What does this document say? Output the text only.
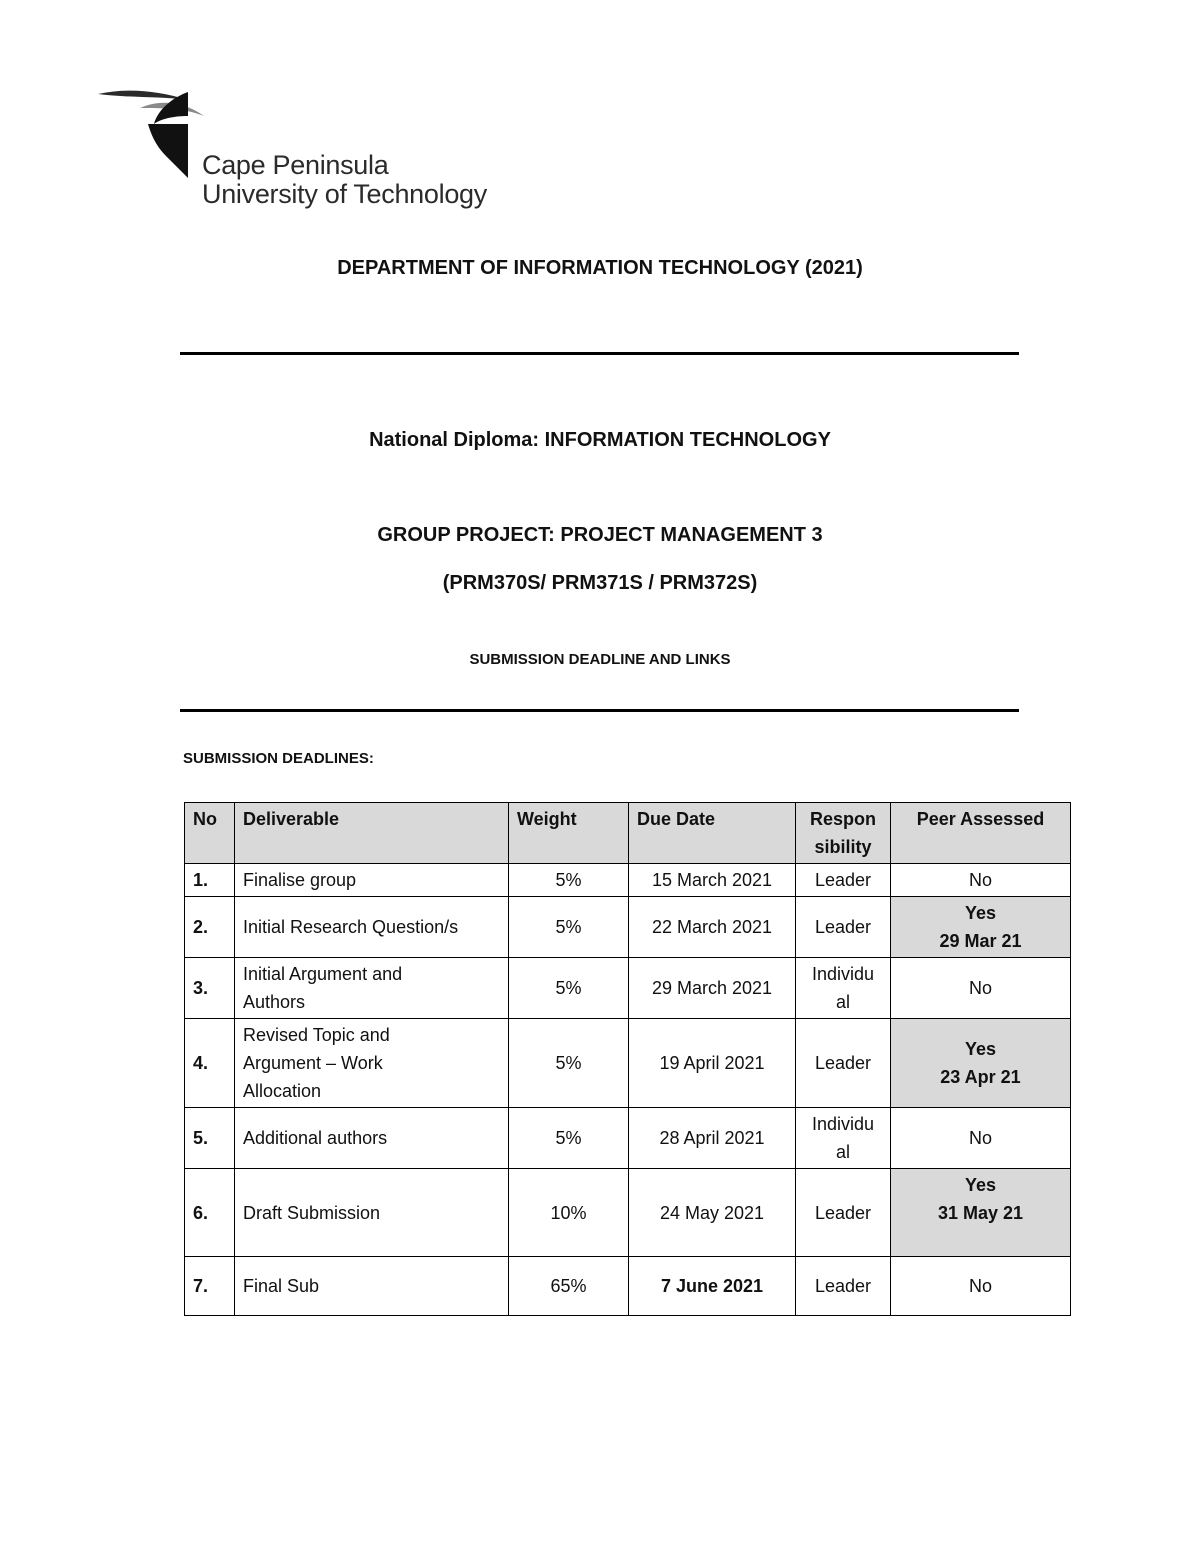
Cape Peninsula
University of Technology
DEPARTMENT OF INFORMATION TECHNOLOGY (2021)
National Diploma: INFORMATION TECHNOLOGY
GROUP PROJECT: PROJECT MANAGEMENT 3
(PRM370S/ PRM371S / PRM372S)
SUBMISSION DEADLINE AND LINKS
SUBMISSION DEADLINES:
No	Deliverable	Weight	Due Date	Respon
sibility	Peer Assessed
1.	Finalise group	5%	15 March 2021	Leader	No
2.	Initial Research Question/s	5%	22 March 2021	Leader	Yes
29 Mar 21
3.	Initial Argument and
Authors	5%	29 March 2021	Individu
al	No
4.	Revised Topic and
Argument – Work
Allocation	5%	19 April 2021	Leader	Yes
23 Apr 21
5.	Additional authors	5%	28 April 2021	Individu
al	No
6.	Draft Submission	10%	24 May 2021	Leader	Yes
31 May 21
7.	Final Sub	65%	7 June 2021	Leader	No
